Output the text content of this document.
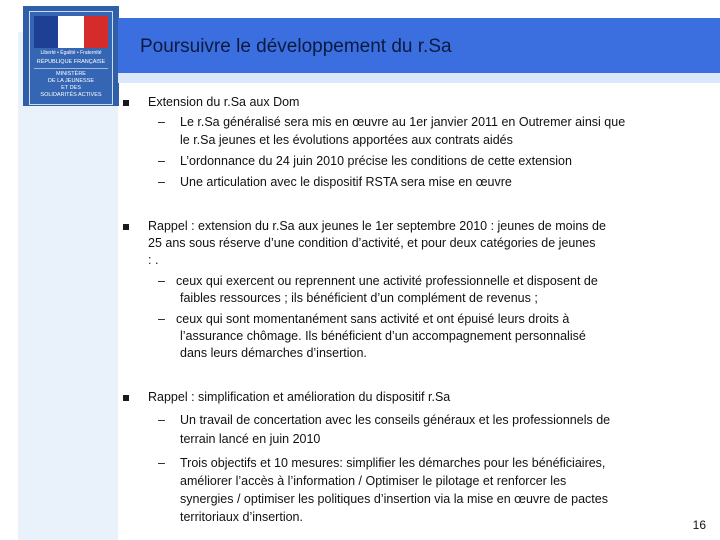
Liberté • Égalité • Fraternité
RÉPUBLIQUE FRANÇAISE
MINISTÈRE
DE LA JEUNESSE
ET DES
SOLIDARITÉS ACTIVES
Poursuivre le développement du r.Sa
Extension du r.Sa aux Dom
– Le r.Sa généralisé sera mis en œuvre au 1er janvier 2011 en Outremer ainsi que
le r.Sa jeunes et les évolutions apportées aux contrats aidés
– L’ordonnance du 24 juin 2010 précise les conditions de cette extension
– Une articulation avec le dispositif RSTA sera mise en œuvre
Rappel : extension du r.Sa aux jeunes le 1er septembre 2010 : jeunes de moins de
25 ans sous réserve d’une condition d’activité, et pour deux catégories de jeunes
: .
– ceux qui exercent ou reprennent une activité professionnelle et disposent de
faibles ressources ; ils bénéficient d’un complément de revenus ;
– ceux qui sont momentanément sans activité et ont épuisé leurs droits à
l’assurance chômage. Ils bénéficient d’un accompagnement personnalisé
dans leurs démarches d’insertion.
Rappel : simplification et amélioration du dispositif r.Sa
– Un travail de concertation avec les conseils généraux et les professionnels de
terrain lancé en juin 2010
– Trois objectifs et 10 mesures: simplifier les démarches pour les bénéficiaires,
améliorer l’accès à l’information / Optimiser le pilotage et renforcer les
synergies / optimiser les politiques d’insertion via la mise en œuvre de pactes
territoriaux d’insertion.
16
